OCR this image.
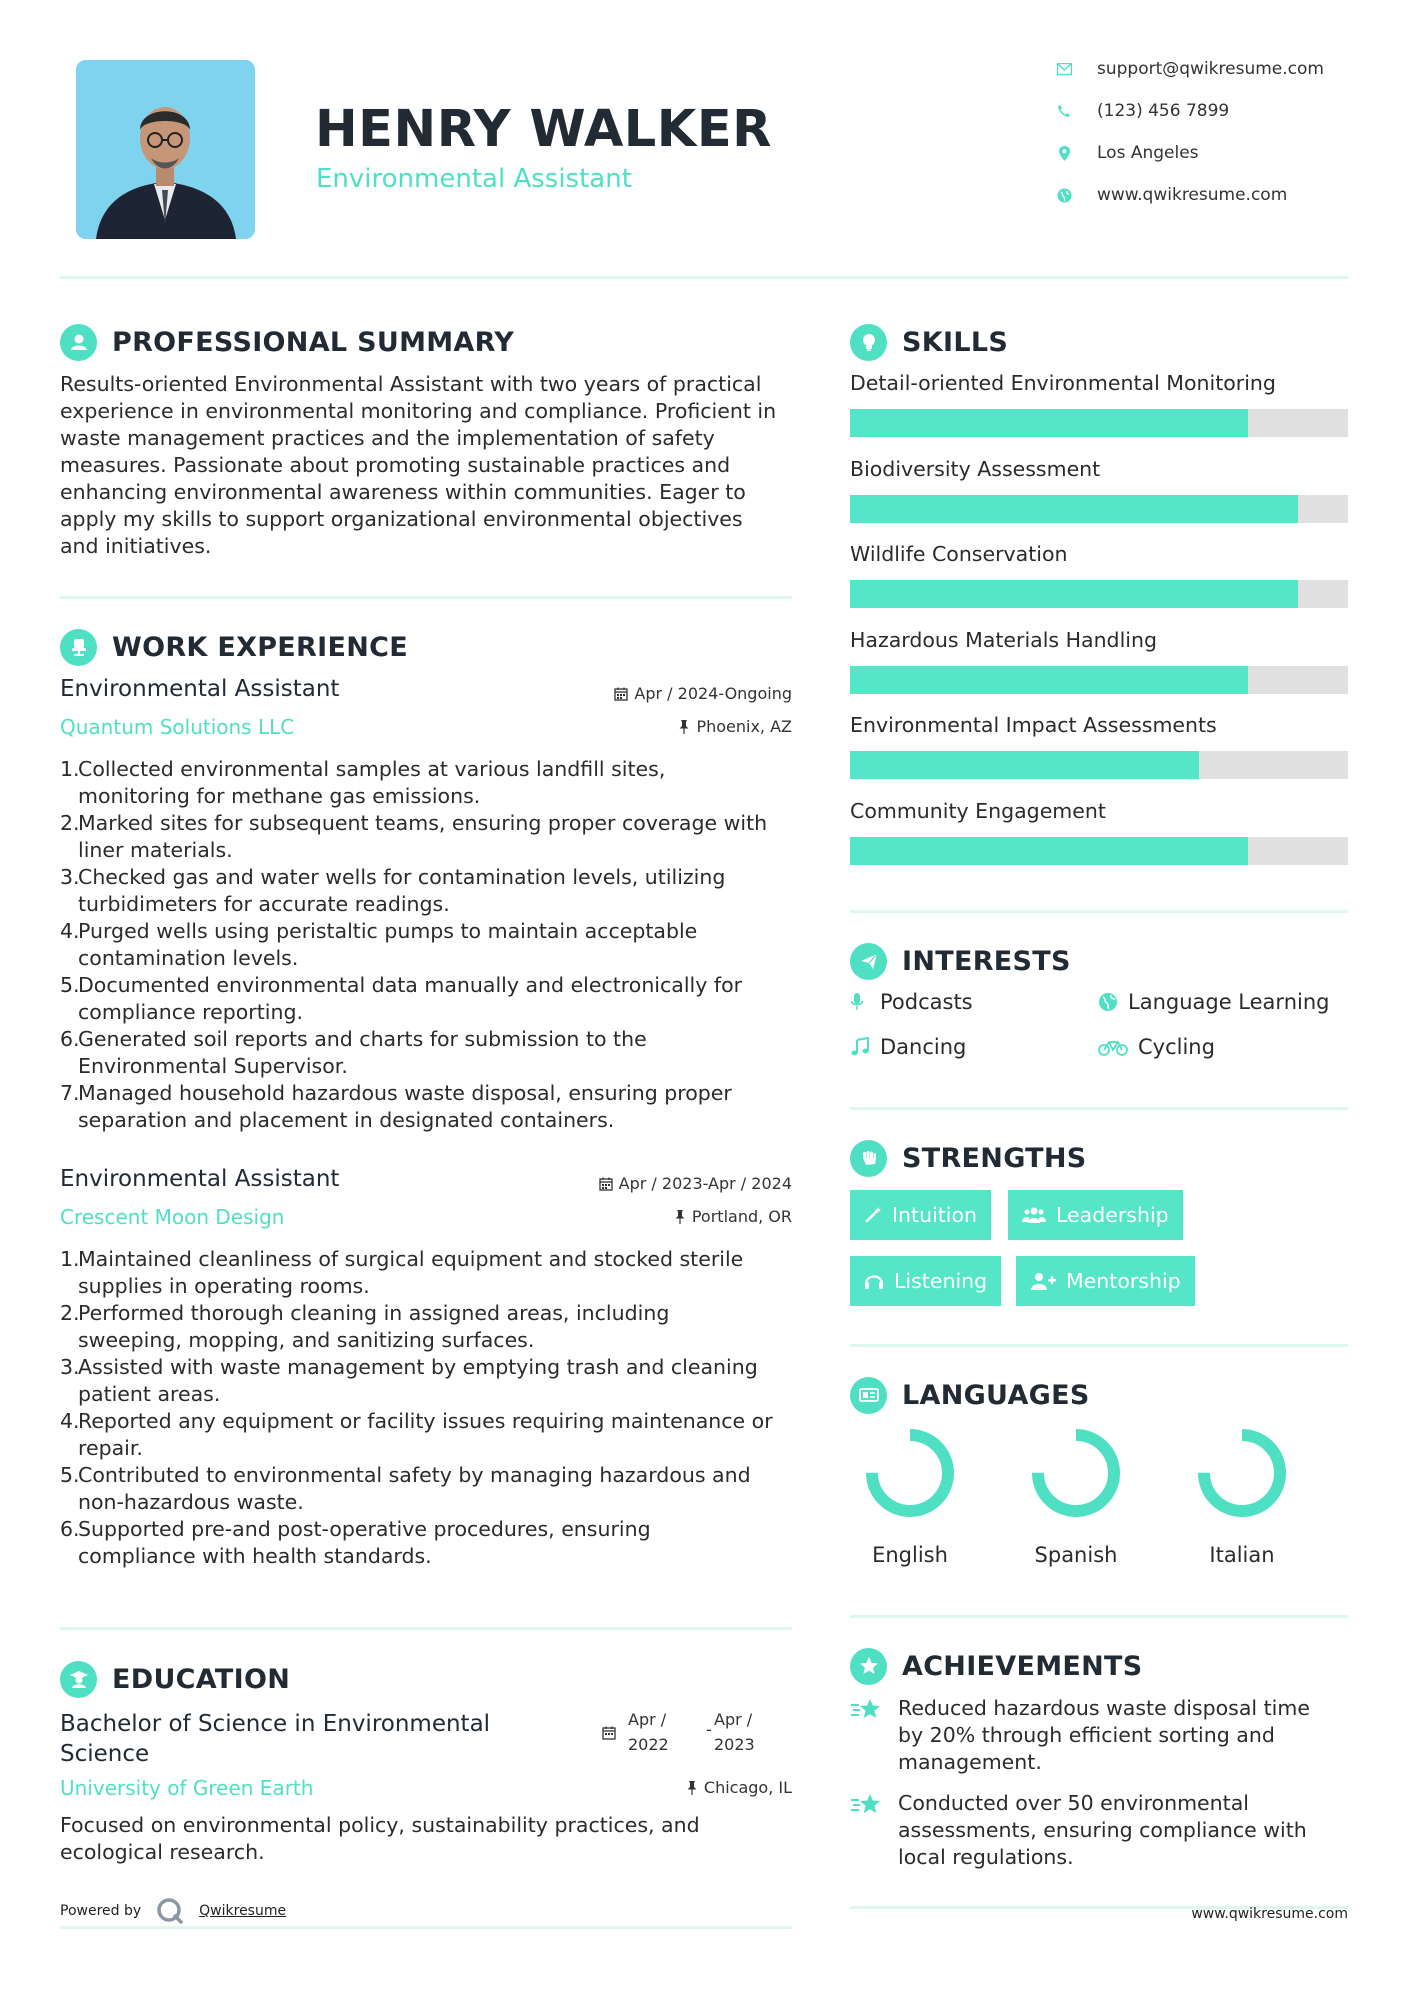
HENRY WALKER
Environmental Assistant
support@qwikresume.com
(123) 456 7899
Los Angeles
www.qwikresume.com
PROFESSIONAL SUMMARY
Results-oriented Environmental Assistant with two years of practical
experience in environmental monitoring and compliance. Proficient in
waste management practices and the implementation of safety
measures. Passionate about promoting sustainable practices and
enhancing environmental awareness within communities. Eager to
apply my skills to support organizational environmental objectives
and initiatives.
WORK EXPERIENCE
Environmental Assistant	Apr / 2024-Ongoing
Quantum Solutions LLC	Phoenix, AZ
1.
Collected environmental samples at various landfill sites,
monitoring for methane gas emissions.
2.
Marked sites for subsequent teams, ensuring proper coverage with
liner materials.
3.
Checked gas and water wells for contamination levels, utilizing
turbidimeters for accurate readings.
4.
Purged wells using peristaltic pumps to maintain acceptable
contamination levels.
5.
Documented environmental data manually and electronically for
compliance reporting.
6.
Generated soil reports and charts for submission to the
Environmental Supervisor.
7.
Managed household hazardous waste disposal, ensuring proper
separation and placement in designated containers.
Environmental Assistant	Apr / 2023-Apr / 2024
Crescent Moon Design	Portland, OR
1.
Maintained cleanliness of surgical equipment and stocked sterile
supplies in operating rooms.
2.
Performed thorough cleaning in assigned areas, including
sweeping, mopping, and sanitizing surfaces.
3.
Assisted with waste management by emptying trash and cleaning
patient areas.
4.
Reported any equipment or facility issues requiring maintenance or
repair.
5.
Contributed to environmental safety by managing hazardous and
non-hazardous waste.
6.
Supported pre-and post-operative procedures, ensuring
compliance with health standards.
EDUCATION
Bachelor of Science in Environmental
Science
Apr /
2022
-
Apr /
2023
University of Green Earth	Chicago, IL
Focused on environmental policy, sustainability practices, and
ecological research.
Powered by	Qwikresume
SKILLS
Detail-oriented Environmental Monitoring
Biodiversity Assessment
Wildlife Conservation
Hazardous Materials Handling
Environmental Impact Assessments
Community Engagement
INTERESTS
Podcasts	Language Learning
Dancing	Cycling
STRENGTHS
Intuition	Leadership
Listening	Mentorship
LANGUAGES
English	Spanish	Italian
ACHIEVEMENTS
Reduced hazardous waste disposal time
by 20% through efficient sorting and
management.
Conducted over 50 environmental
assessments, ensuring compliance with
local regulations.
www.qwikresume.com
